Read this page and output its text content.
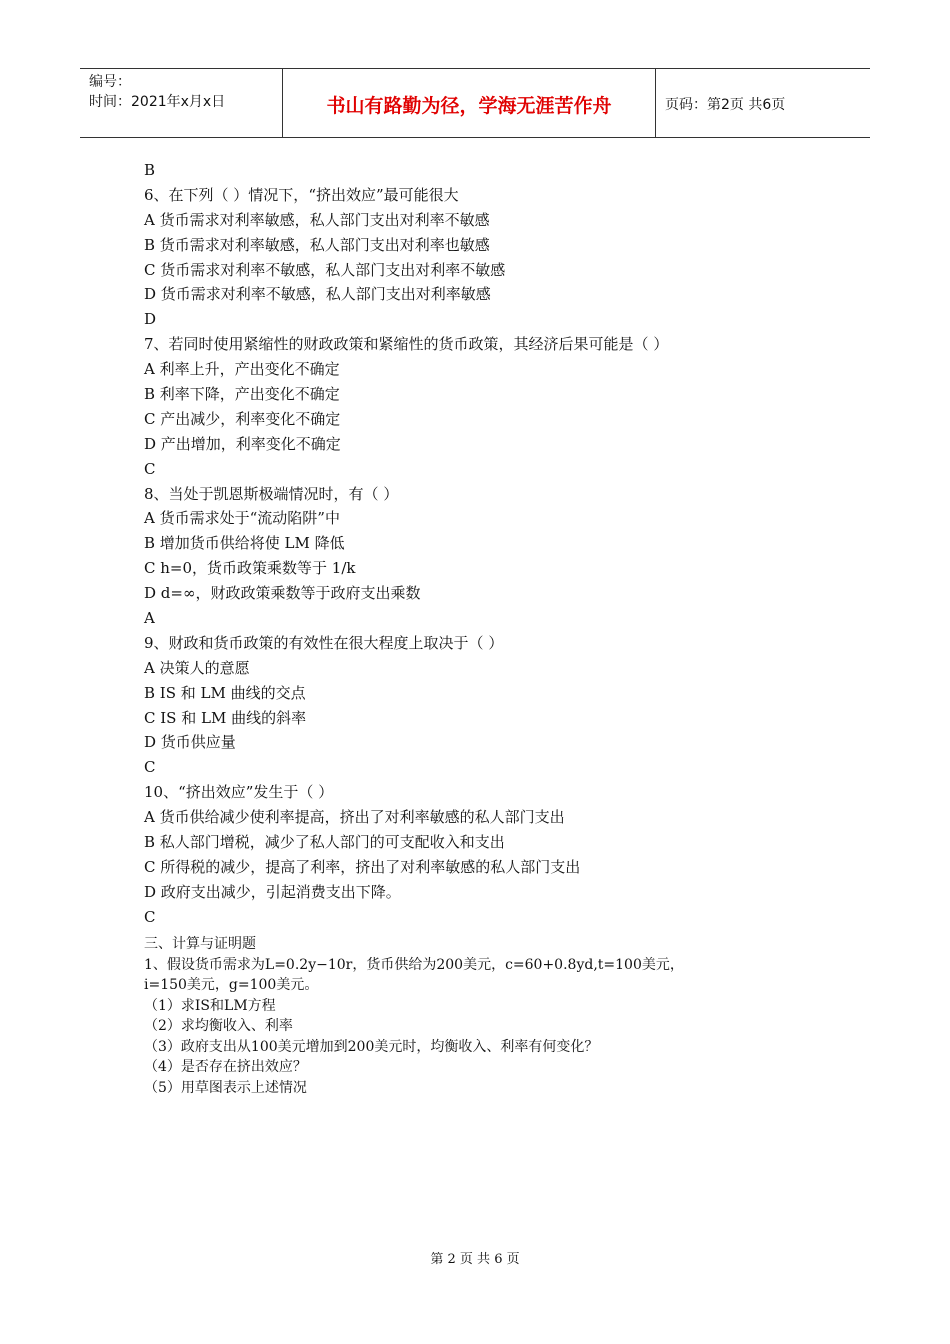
编号：
时间：2021年x月x日	书山有路勤为径，学海无涯苦作舟	页码：第2页 共6页
B
6、在下列（ ）情况下，“挤出效应”最可能很大
A 货币需求对利率敏感，私人部门支出对利率不敏感
B 货币需求对利率敏感，私人部门支出对利率也敏感
C 货币需求对利率不敏感，私人部门支出对利率不敏感
D 货币需求对利率不敏感，私人部门支出对利率敏感
D
7、若同时使用紧缩性的财政政策和紧缩性的货币政策，其经济后果可能是（ ）
A 利率上升，产出变化不确定
B 利率下降，产出变化不确定
C 产出减少，利率变化不确定
D 产出增加，利率变化不确定
C
8、当处于凯恩斯极端情况时，有（ ）
A 货币需求处于“流动陷阱”中
B 增加货币供给将使 LM 降低
C h=0，货币政策乘数等于 1/k
D d=∞，财政政策乘数等于政府支出乘数
A
9、财政和货币政策的有效性在很大程度上取决于（ ）
A 决策人的意愿
B IS 和 LM 曲线的交点
C IS 和 LM 曲线的斜率
D 货币供应量
C
10、“挤出效应”发生于（ ）
A 货币供给减少使利率提高，挤出了对利率敏感的私人部门支出
B 私人部门增税，减少了私人部门的可支配收入和支出
C 所得税的减少，提高了利率，挤出了对利率敏感的私人部门支出
D 政府支出减少，引起消费支出下降。
C
三、计算与证明题
1、假设货币需求为L=0.2y−10r，货币供给为200美元，c=60+0.8yd,t=100美元，
i=150美元，g=100美元。
（1）求IS和LM方程
（2）求均衡收入、利率
（3）政府支出从100美元增加到200美元时，均衡收入、利率有何变化？
（4）是否存在挤出效应？
（5）用草图表示上述情况
第 2 页 共 6 页
